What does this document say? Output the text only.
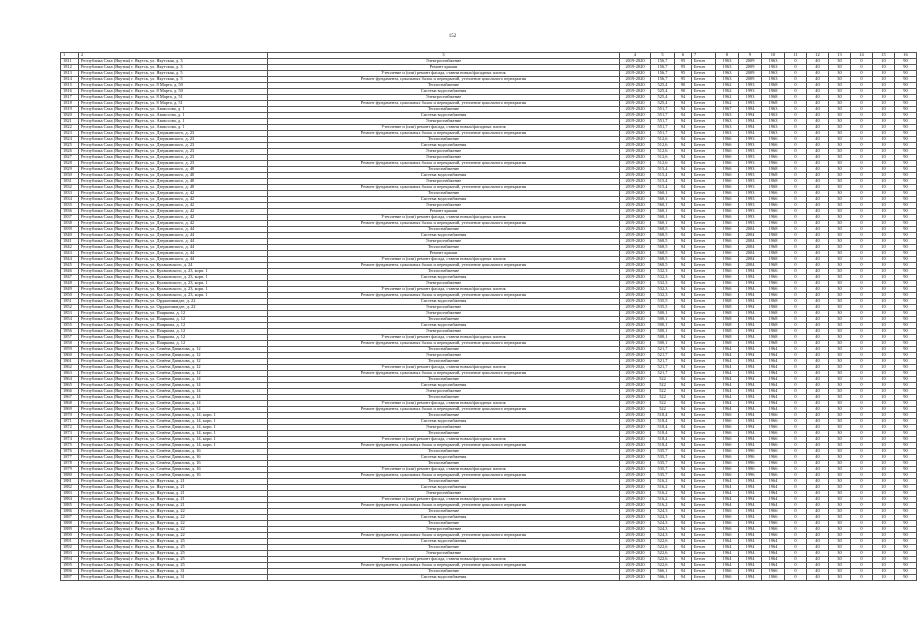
152
1	2	3	4	5	6	7	8	9	10	11	12	13	14	15	16
1811	Республика Саха (Якутия) г. Якутск, ул. Якутская, д. 3	Электроснабжение	2019-2020	156,7	95	Бетон	1963	2009	1963	0	40	30	0	10	90
1812	Республика Саха (Якутия) г. Якутск, ул. Якутская, д. 3	Ремонт крыши	2019-2020	156,7	95	Бетон	1963	2009	1963	0	40	30	0	10	90
1813	Республика Саха (Якутия) г. Якутск, ул. Якутская, д. 5	Утепление и (или) ремонт фасада, ставни новых/фасадных плиток	2019-2020	156,7	95	Бетон	1963	2009	1963	0	40	30	0	10	90
1814	Республика Саха (Якутия) г. Якутск, ул. Якутская, д. 5	Ремонт фундамента, цокольных балок и перекрытий, утепление цокольного перекрытия	2019-2020	156,7	95	Бетон	1963	2009	1963	0	40	30	0	10	90
1815	Республика Саха (Якутия) г. Якутск, ул. 8 Марта, д. 50	Теплоснабжение	2019-2020	525,4	90	Бетон	1962	1993	1968	0	40	30	0	10	90
1816	Республика Саха (Якутия) г. Якутск, ул. 8 Марта, д. 50	Система водоснабжения	2019-2020	525,4	90	Бетон	1962	1993	1968	0	40	30	0	10	90
1817	Республика Саха (Якутия) г. Якутск, ул. 8 Марта, д. 51	Электроснабжение	2019-2020	525,4	94	Бетон	1962	1993	1968	0	40	30	0	10	90
1818	Республика Саха (Якутия) г. Якутск, ул. 8 Марта, д. 51	Ремонт фундамента, цокольных балок и перекрытий, утепление цокольного перекрытия	2019-2020	525,4	94	Бетон	1962	1993	1968	0	40	30	0	10	90
1819	Республика Саха (Якутия) г. Якутск, ул. Аммосова, д. 1	Теплоснабжение	2019-2020	551,7	94	Бетон	1967	1994	1963	0	40	30	0	10	90
1820	Республика Саха (Якутия) г. Якутск, ул. Аммосова, д. 1	Система водоснабжения	2019-2020	551,7	94	Бетон	1963	1994	1963	0	40	30	0	10	90
1821	Республика Саха (Якутия) г. Якутск, ул. Аммосова, д. 1	Электроснабжение	2019-2020	551,7	94	Бетон	1963	1994	1963	0	40	30	0	10	90
1822	Республика Саха (Якутия) г. Якутск, ул. Аммосова, д. 1	Утепление и (или) ремонт фасада, ставни новых/фасадных плиток	2019-2020	551,7	94	Бетон	1963	1994	1963	0	40	30	0	10	90
1823	Республика Саха (Якутия) г. Якутск, ул. Дзержинского, д. 23	Ремонт фундамента, цокольных балок и перекрытий, утепление цокольного перекрытия	2019-2020	551,7	94	Бетон	1963	1994	1963	0	40	30	0	10	90
1824	Республика Саха (Якутия) г. Якутск, ул. Дзержинского, д. 23	Теплоснабжение	2019-2020	512,6	94	Бетон	1966	1993	1966	0	40	30	0	10	90
1825	Республика Саха (Якутия) г. Якутск, ул. Дзержинского, д. 23	Система водоснабжения	2019-2020	512,6	94	Бетон	1966	1993	1966	0	40	30	0	10	90
1826	Республика Саха (Якутия) г. Якутск, ул. Дзержинского, д. 23	Электроснабжение	2019-2020	512,6	94	Бетон	1966	1993	1966	0	40	30	0	10	90
1827	Республика Саха (Якутия) г. Якутск, ул. Дзержинского, д. 23	Электроснабжение	2019-2020	512,6	94	Бетон	1966	1993	1966	0	40	30	0	10	90
1828	Республика Саха (Якутия) г. Якутск, ул. Дзержинского, д. 23	Ремонт фундамента, цокольных балок и перекрытий, утепление цокольного перекрытия	2019-2020	512,6	94	Бетон	1966	1993	1966	0	40	30	0	10	90
1829	Республика Саха (Якутия) г. Якутск, ул. Дзержинского, д. 40	Теплоснабжение	2019-2020	515,4	94	Бетон	1966	1993	1968	0	40	30	0	10	90
1830	Республика Саха (Якутия) г. Якутск, ул. Дзержинского, д. 40	Система водоснабжения	2019-2020	515,4	94	Бетон	1966	1993	1968	0	40	30	0	10	90
1831	Республика Саха (Якутия) г. Якутск, ул. Дзержинского, д. 40	Электроснабжение	2019-2020	515,4	94	Бетон	1966	1993	1968	0	40	30	0	10	90
1832	Республика Саха (Якутия) г. Якутск, ул. Дзержинского, д. 40	Ремонт фундамента, цокольных балок и перекрытий, утепление цокольного перекрытия	2019-2020	515,4	94	Бетон	1966	1993	1968	0	40	30	0	10	90
1833	Республика Саха (Якутия) г. Якутск, ул. Дзержинского, д. 42	Теплоснабжение	2019-2020	560,1	94	Бетон	1966	1993	1966	0	40	30	0	10	90
1834	Республика Саха (Якутия) г. Якутск, ул. Дзержинского, д. 42	Система водоснабжения	2019-2020	560,1	94	Бетон	1966	1993	1966	0	40	30	0	10	90
1835	Республика Саха (Якутия) г. Якутск, ул. Дзержинского, д. 42	Электроснабжение	2019-2020	560,1	94	Бетон	1966	1993	1966	0	40	30	0	10	90
1836	Республика Саха (Якутия) г. Якутск, ул. Дзержинского, д. 42	Ремонт крыши	2019-2020	560,1	94	Бетон	1966	1993	1966	0	40	30	0	10	90
1837	Республика Саха (Якутия) г. Якутск, ул. Дзержинского, д. 42	Утепление и (или) ремонт фасада, ставни новых/фасадных плиток	2019-2020	560,1	94	Бетон	1966	1993	1966	0	40	30	0	10	90
1838	Республика Саха (Якутия) г. Якутск, ул. Дзержинского, д. 42	Ремонт фундамента, цокольных балок и перекрытий, утепление цокольного перекрытия	2019-2020	560,1	94	Бетон	1966	1993	1966	0	40	30	0	10	90
1839	Республика Саха (Якутия) г. Якутск, ул. Дзержинского, д. 44	Теплоснабжение	2019-2020	568,5	94	Бетон	1966	2004	1968	0	40	30	0	10	90
1840	Республика Саха (Якутия) г. Якутск, ул. Дзержинского, д. 44	Система водоснабжения	2019-2020	568,5	94	Бетон	1966	2004	1968	0	40	30	0	10	90
1841	Республика Саха (Якутия) г. Якутск, ул. Дзержинского, д. 44	Электроснабжение	2019-2020	568,5	94	Бетон	1966	2004	1968	0	40	30	0	10	90
1842	Республика Саха (Якутия) г. Якутск, ул. Дзержинского, д. 44	Теплоснабжение	2019-2020	568,5	94	Бетон	1966	2004	1968	0	40	30	0	10	90
1843	Республика Саха (Якутия) г. Якутск, ул. Дзержинского, д. 44	Ремонт крыши	2019-2020	568,5	94	Бетон	1966	2004	1968	0	40	30	0	10	90
1844	Республика Саха (Якутия) г. Якутск, ул. Дзержинского, д. 44	Утепление и (или) ремонт фасада, ставни новых/фасадных плиток	2019-2020	568,5	94	Бетон	1966	2004	1968	0	40	30	0	10	90
1845	Республика Саха (Якутия) г. Якутск, ул. Кулаковского, д. 24	Ремонт фундамента, цокольных балок и перекрытий, утепление цокольного перекрытия	2019-2020	568,5	94	Бетон	1966	2004	1968	0	40	30	0	10	90
1846	Республика Саха (Якутия) г. Якутск, ул. Кулаковского, д. 23, корп. 1	Теплоснабжение	2019-2020	532,3	94	Бетон	1966	1994	1966	0	40	30	0	10	90
1847	Республика Саха (Якутия) г. Якутск, ул. Кулаковского, д. 23, корп. 1	Система водоснабжения	2019-2020	532,3	94	Бетон	1966	1994	1966	0	40	30	0	10	90
1848	Республика Саха (Якутия) г. Якутск, ул. Кулаковского, д. 23, корп. 1	Электроснабжение	2019-2020	532,3	94	Бетон	1966	1994	1966	0	40	30	0	10	90
1849	Республика Саха (Якутия) г. Якутск, ул. Кулаковского, д. 23, корп. 1	Утепление и (или) ремонт фасада, ставни новых/фасадных плиток	2019-2020	532,3	94	Бетон	1966	1994	1966	0	40	30	0	10	90
1850	Республика Саха (Якутия) г. Якутск, ул. Кулаковского, д. 23, корп. 1	Ремонт фундамента, цокольных балок и перекрытий, утепление цокольного перекрытия	2019-2020	532,3	94	Бетон	1966	1994	1966	0	40	30	0	10	90
1851	Республика Саха (Якутия) г. Якутск, ул. Орджоникидзе, д. 22	Система водоснабжения	2019-2020	535,5	94	Бетон	1968	1994	1968	0	40	30	0	10	90
1852	Республика Саха (Якутия) г. Якутск, ул. Орджоникидзе, д. 22	Электроснабжение	2019-2020	535,5	94	Бетон	1968	1994	1968	0	40	30	0	10	90
1853	Республика Саха (Якутия) г. Якутск, ул. Пояркова, д. 12	Электроснабжение	2019-2020	500,1	94	Бетон	1968	1994	1968	0	40	30	0	10	90
1854	Республика Саха (Якутия) г. Якутск, ул. Пояркова, д. 12	Теплоснабжение	2019-2020	500,1	94	Бетон	1968	1994	1968	0	40	30	0	10	90
1855	Республика Саха (Якутия) г. Якутск, ул. Пояркова, д. 12	Система водоснабжения	2019-2020	500,1	94	Бетон	1968	1994	1968	0	40	30	0	10	90
1856	Республика Саха (Якутия) г. Якутск, ул. Пояркова, д. 12	Электроснабжение	2019-2020	500,1	94	Бетон	1968	1994	1968	0	40	30	0	10	90
1857	Республика Саха (Якутия) г. Якутск, ул. Пояркова, д. 12	Утепление и (или) ремонт фасада, ставни новых/фасадных плиток	2019-2020	500,1	94	Бетон	1968	1994	1968	0	40	30	0	10	90
1858	Республика Саха (Якутия) г. Якутск, ул. Пояркова, д. 12	Ремонт фундамента, цокольных балок и перекрытий, утепление цокольного перекрытия	2019-2020	500,1	94	Бетон	1968	1994	1968	0	40	30	0	10	90
1859	Республика Саха (Якутия) г. Якутск, ул. Семёна Данилова, д. 12	Теплоснабжение	2019-2020	521,7	94	Бетон	1964	1994	1964	0	40	30	0	10	90
1860	Республика Саха (Якутия) г. Якутск, ул. Семёна Данилова, д. 12	Электроснабжение	2019-2020	521,7	94	Бетон	1964	1994	1964	0	40	30	0	10	90
1861	Республика Саха (Якутия) г. Якутск, ул. Семёна Данилова, д. 12	Теплоснабжение	2019-2020	521,7	94	Бетон	1964	1994	1964	0	40	30	0	10	90
1862	Республика Саха (Якутия) г. Якутск, ул. Семёна Данилова, д. 12	Утепление и (или) ремонт фасада, ставни новых/фасадных плиток	2019-2020	521,7	94	Бетон	1964	1994	1964	0	40	30	0	10	90
1863	Республика Саха (Якутия) г. Якутск, ул. Семёна Данилова, д. 12	Ремонт фундамента, цокольных балок и перекрытий, утепление цокольного перекрытия	2019-2020	521,7	94	Бетон	1964	1994	1964	0	40	30	0	10	90
1864	Республика Саха (Якутия) г. Якутск, ул. Семёна Данилова, д. 14	Теплоснабжение	2019-2020	522	94	Бетон	1964	1994	1964	0	40	30	0	10	90
1865	Республика Саха (Якутия) г. Якутск, ул. Семёна Данилова, д. 14	Система водоснабжения	2019-2020	522	94	Бетон	1964	1994	1964	0	40	30	0	10	90
1866	Республика Саха (Якутия) г. Якутск, ул. Семёна Данилова, д. 14	Электроснабжение	2019-2020	522	94	Бетон	1964	1994	1964	0	40	30	0	10	90
1867	Республика Саха (Якутия) г. Якутск, ул. Семёна Данилова, д. 14	Теплоснабжение	2019-2020	522	94	Бетон	1964	1994	1964	0	40	30	0	10	90
1868	Республика Саха (Якутия) г. Якутск, ул. Семёна Данилова, д. 14	Утепление и (или) ремонт фасада, ставни новых/фасадных плиток	2019-2020	522	94	Бетон	1964	1994	1964	0	40	30	0	10	90
1869	Республика Саха (Якутия) г. Якутск, ул. Семёна Данилова, д. 14	Ремонт фундамента, цокольных балок и перекрытий, утепление цокольного перекрытия	2019-2020	522	94	Бетон	1964	1994	1964	0	40	30	0	10	90
1870	Республика Саха (Якутия) г. Якутск, ул. Семёна Данилова, д. 14, корп. 1	Теплоснабжение	2019-2020	518,4	94	Бетон	1966	1994	1966	0	40	30	0	10	90
1871	Республика Саха (Якутия) г. Якутск, ул. Семёна Данилова, д. 14, корп. 1	Система водоснабжения	2019-2020	518,4	94	Бетон	1966	1994	1966	0	40	30	0	10	90
1872	Республика Саха (Якутия) г. Якутск, ул. Семёна Данилова, д. 14, корп. 1	Электроснабжение	2019-2020	518,4	94	Бетон	1966	1994	1966	0	40	30	0	10	90
1873	Республика Саха (Якутия) г. Якутск, ул. Семёна Данилова, д. 14, корп. 1	Теплоснабжение	2019-2020	518,4	94	Бетон	1966	1994	1966	0	40	30	0	10	90
1874	Республика Саха (Якутия) г. Якутск, ул. Семёна Данилова, д. 14, корп. 1	Утепление и (или) ремонт фасада, ставни новых/фасадных плиток	2019-2020	518,4	94	Бетон	1966	1994	1966	0	40	30	0	10	90
1875	Республика Саха (Якутия) г. Якутск, ул. Семёна Данилова, д. 14, корп. 1	Ремонт фундамента, цокольных балок и перекрытий, утепление цокольного перекрытия	2019-2020	518,4	94	Бетон	1966	1994	1966	0	40	30	0	10	90
1876	Республика Саха (Якутия) г. Якутск, ул. Семёна Данилова, д. 16	Теплоснабжение	2019-2020	535,7	94	Бетон	1966	1996	1966	0	40	30	0	10	90
1877	Республика Саха (Якутия) г. Якутск, ул. Семёна Данилова, д. 16	Система водоснабжения	2019-2020	535,7	94	Бетон	1966	1996	1966	0	40	30	0	10	90
1878	Республика Саха (Якутия) г. Якутск, ул. Семёна Данилова, д. 16	Теплоснабжение	2019-2020	535,7	94	Бетон	1966	1996	1966	0	40	30	0	10	90
1879	Республика Саха (Якутия) г. Якутск, ул. Семёна Данилова, д. 16	Утепление и (или) ремонт фасада, ставни новых/фасадных плиток	2019-2020	535,7	94	Бетон	1966	1996	1966	0	40	30	0	10	90
1880	Республика Саха (Якутия) г. Якутск, ул. Семёна Данилова, д. 16	Ремонт фундамента, цокольных балок и перекрытий, утепление цокольного перекрытия	2019-2020	535,7	94	Бетон	1966	1996	1966	0	40	30	0	10	90
1881	Республика Саха (Якутия) г. Якутск, ул. Якутская, д. 21	Теплоснабжение	2019-2020	516,2	94	Бетон	1964	1994	1964	0	40	30	0	10	90
1882	Республика Саха (Якутия) г. Якутск, ул. Якутская, д. 21	Система водоснабжения	2019-2020	516,2	94	Бетон	1964	1994	1964	0	40	30	0	10	90
1883	Республика Саха (Якутия) г. Якутск, ул. Якутская, д. 21	Электроснабжение	2019-2020	516,2	94	Бетон	1964	1994	1964	0	40	30	0	10	90
1884	Республика Саха (Якутия) г. Якутск, ул. Якутская, д. 21	Утепление и (или) ремонт фасада, ставни новых/фасадных плиток	2019-2020	516,2	94	Бетон	1964	1994	1964	0	40	30	0	10	90
1885	Республика Саха (Якутия) г. Якутск, ул. Якутская, д. 21	Ремонт фундамента, цокольных балок и перекрытий, утепление цокольного перекрытия	2019-2020	516,2	94	Бетон	1964	1994	1964	0	40	30	0	10	90
1886	Республика Саха (Якутия) г. Якутск, ул. Якутская, д. 22	Теплоснабжение	2019-2020	524,3	94	Бетон	1966	1994	1966	0	40	30	0	10	90
1887	Республика Саха (Якутия) г. Якутск, ул. Якутская, д. 22	Система водоснабжения	2019-2020	524,3	94	Бетон	1966	1994	1966	0	40	30	0	10	90
1888	Республика Саха (Якутия) г. Якутск, ул. Якутская, д. 22	Теплоснабжение	2019-2020	524,3	94	Бетон	1966	1994	1966	0	40	30	0	10	90
1889	Республика Саха (Якутия) г. Якутск, ул. Якутская, д. 22	Электроснабжение	2019-2020	524,3	94	Бетон	1966	1994	1966	0	40	30	0	10	90
1890	Республика Саха (Якутия) г. Якутск, ул. Якутская, д. 22	Ремонт фундамента, цокольных балок и перекрытий, утепление цокольного перекрытия	2019-2020	524,3	94	Бетон	1966	1994	1966	0	40	30	0	10	90
1891	Республика Саха (Якутия) г. Якутск, ул. Якутская, д. 25	Система водоснабжения	2019-2020	522,6	94	Бетон	1964	1994	1964	0	40	30	0	10	90
1892	Республика Саха (Якутия) г. Якутск, ул. Якутская, д. 25	Теплоснабжение	2019-2020	522,6	94	Бетон	1964	1994	1964	0	40	30	0	10	90
1893	Республика Саха (Якутия) г. Якутск, ул. Якутская, д. 25	Электроснабжение	2019-2020	522,6	94	Бетон	1964	1994	1964	0	40	30	0	10	90
1894	Республика Саха (Якутия) г. Якутск, ул. Якутская, д. 25	Утепление и (или) ремонт фасада, ставни новых/фасадных плиток	2019-2020	522,6	94	Бетон	1964	1994	1964	0	40	30	0	10	90
1895	Республика Саха (Якутия) г. Якутск, ул. Якутская, д. 25	Ремонт фундамента, цокольных балок и перекрытий, утепление цокольного перекрытия	2019-2020	522,6	94	Бетон	1964	1994	1964	0	40	30	0	10	90
1896	Республика Саха (Якутия) г. Якутск, ул. Якутская, д. 31	Теплоснабжение	2019-2020	566,1	94	Бетон	1966	1994	1966	0	40	30	0	10	90
1897	Республика Саха (Якутия) г. Якутск, ул. Якутская, д. 31	Система водоснабжения	2019-2020	566,1	94	Бетон	1966	1994	1966	0	40	30	0	10	90
